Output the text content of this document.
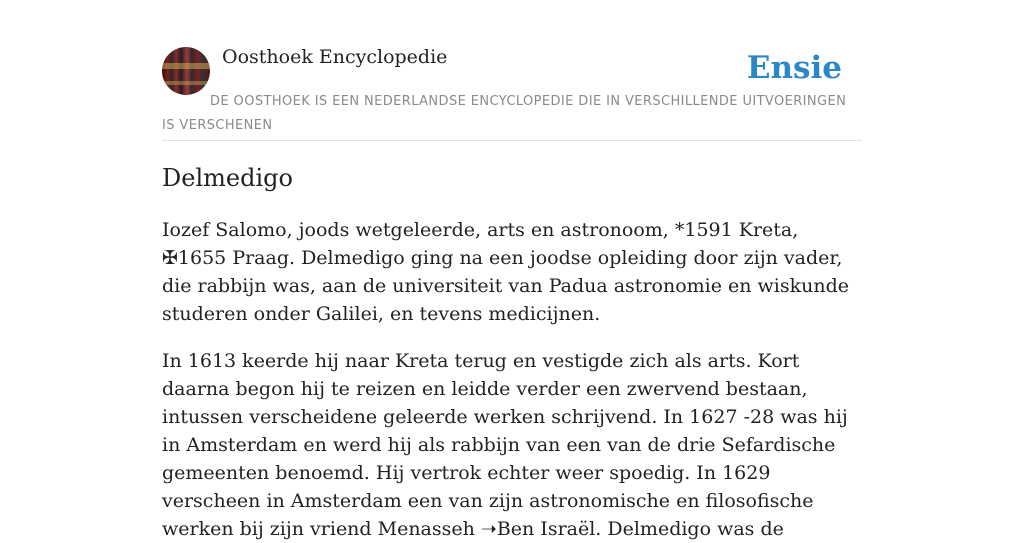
Oosthoek Encyclopedie	Ensie
DE OOSTHOEK IS EEN NEDERLANDSE ENCYCLOPEDIE DIE IN VERSCHILLENDE UITVOERINGEN IS VERSCHENEN
Delmedigo

Iozef Salomo, joods wetgeleerde, arts en astronoom, *1591 Kreta, ✠1655 Praag. Delmedigo ging na een joodse opleiding door zijn vader, die rabbijn was, aan de universiteit van Padua astronomie en wiskunde studeren onder Galilei, en tevens medicijnen.

In 1613 keerde hij naar Kreta terug en vestigde zich als arts. Kort daarna begon hij te reizen en leidde verder een zwervend bestaan, intussen verscheidene geleerde werken schrijvend. In 1627 -28 was hij in Amsterdam en werd hij als rabbijn van een van de drie Sefardische gemeenten benoemd. Hij vertrok echter weer spoedig. In 1629 verscheen in Amsterdam een van zijn astronomische en filosofische werken bij zijn vriend Menasseh ➝Ben Israël. Delmedigo was de
